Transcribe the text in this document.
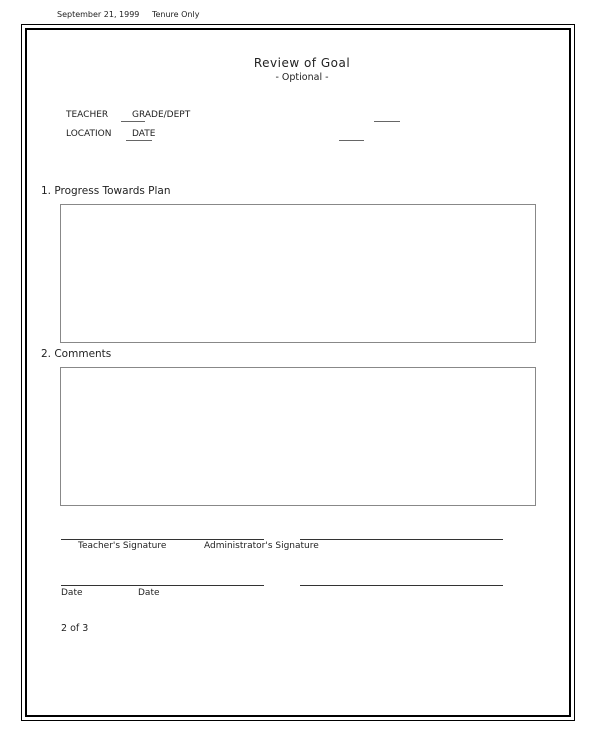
September 21, 1999 Tenure Only
Review of Goal
- Optional -
TEACHER	GRADE/DEPT
LOCATION DATE
1. Progress Towards Plan
2. Comments
Teacher's Signature	Administrator's Signature
Date	Date
2 of 3
